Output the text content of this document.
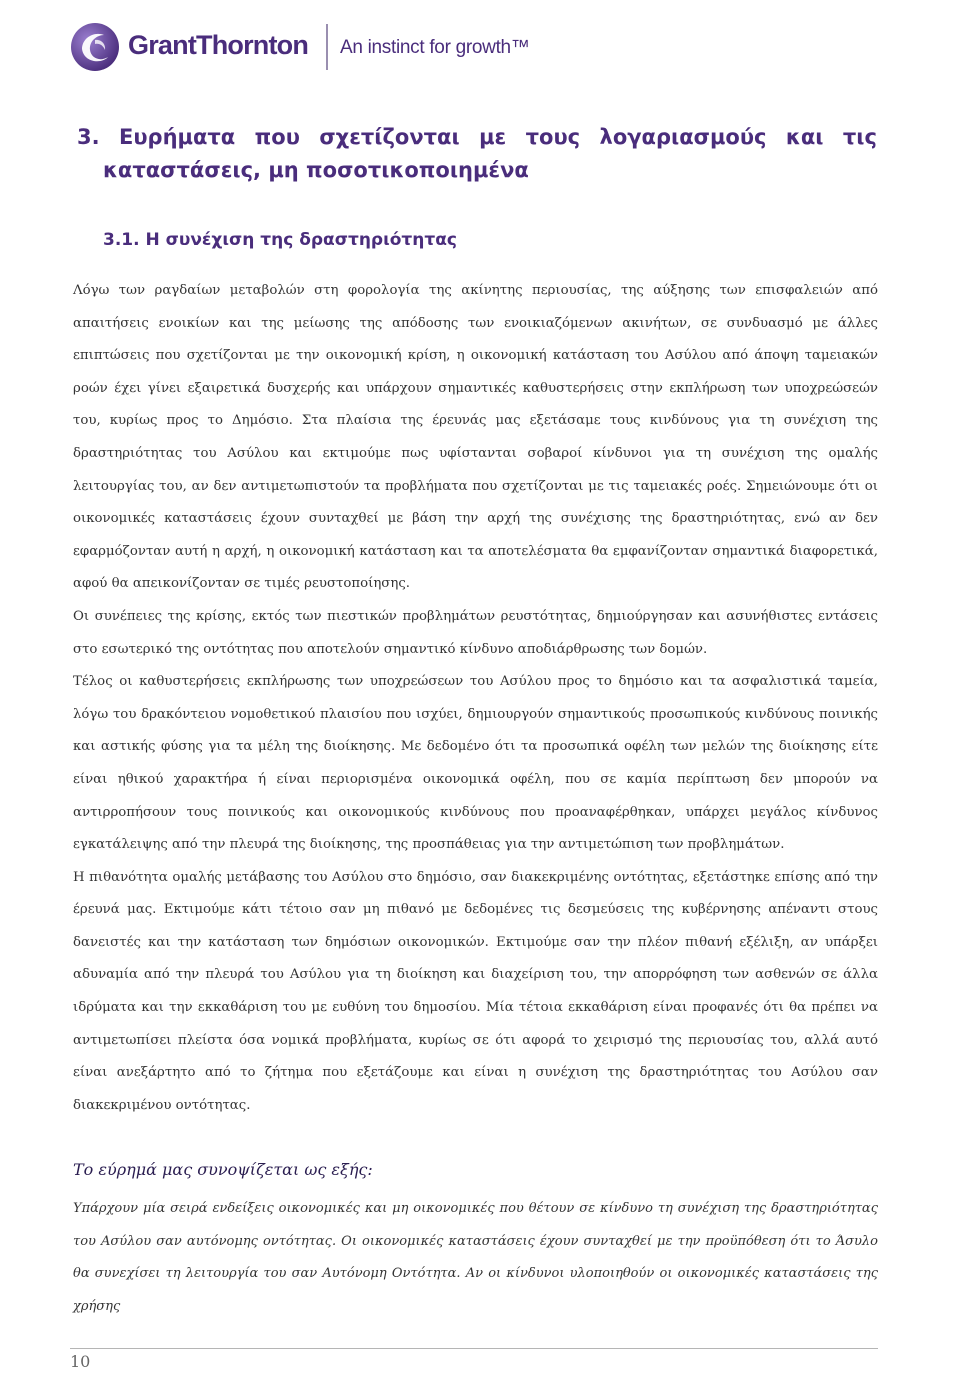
GrantThornton An instinct for growth™
3. Ευρήματα που σχετίζονται με τους λογαριασμούς και τις
καταστάσεις, μη ποσοτικοποιημένα
3.1. Η συνέχιση της δραστηριότητας

Λόγω των ραγδαίων μεταβολών στη φορολογία της ακίνητης περιουσίας, της αύξησης των επισφαλειών από απαιτήσεις ενοικίων και της μείωσης της απόδοσης των ενοικιαζόμενων ακινήτων, σε συνδυασμό με άλλες επιπτώσεις που σχετίζονται με την οικονομική κρίση, η οικονομική κατάσταση του Ασύλου από άποψη ταμειακών ροών έχει γίνει εξαιρετικά δυσχερής και υπάρχουν σημαντικές καθυστερήσεις στην εκπλήρωση των υποχρεώσεών του, κυρίως προς το Δημόσιο. Στα πλαίσια της έρευνάς μας εξετάσαμε τους κινδύνους για τη συνέχιση της δραστηριότητας του Ασύλου και εκτιμούμε πως υφίστανται σοβαροί κίνδυνοι για τη συνέχιση της ομαλής λειτουργίας του, αν δεν αντιμετωπιστούν τα προβλήματα που σχετίζονται με τις ταμειακές ροές. Σημειώνουμε ότι οι οικονομικές καταστάσεις έχουν συνταχθεί με βάση την αρχή της συνέχισης της δραστηριότητας, ενώ αν δεν εφαρμόζονταν αυτή η αρχή, η οικονομική κατάσταση και τα αποτελέσματα θα εμφανίζονταν σημαντικά διαφορετικά, αφού θα απεικονίζονταν σε τιμές ρευστοποίησης.

Οι συνέπειες της κρίσης, εκτός των πιεστικών προβλημάτων ρευστότητας, δημιούργησαν και ασυνήθιστες εντάσεις στο εσωτερικό της οντότητας που αποτελούν σημαντικό κίνδυνο αποδιάρθρωσης των δομών.

Τέλος οι καθυστερήσεις εκπλήρωσης των υποχρεώσεων του Ασύλου προς το δημόσιο και τα ασφαλιστικά ταμεία, λόγω του δρακόντειου νομοθετικού πλαισίου που ισχύει, δημιουργούν σημαντικούς προσωπικούς κινδύνους ποινικής και αστικής φύσης για τα μέλη της διοίκησης. Με δεδομένο ότι τα προσωπικά οφέλη των μελών της διοίκησης είτε είναι ηθικού χαρακτήρα ή είναι περιορισμένα οικονομικά οφέλη, που σε καμία περίπτωση δεν μπορούν να αντιρροπήσουν τους ποινικούς και οικονομικούς κινδύνους που προαναφέρθηκαν, υπάρχει μεγάλος κίνδυνος εγκατάλειψης από την πλευρά της διοίκησης, της προσπάθειας για την αντιμετώπιση των προβλημάτων.

Η πιθανότητα ομαλής μετάβασης του Ασύλου στο δημόσιο, σαν διακεκριμένης οντότητας, εξετάστηκε επίσης από την έρευνά μας. Εκτιμούμε κάτι τέτοιο σαν μη πιθανό με δεδομένες τις δεσμεύσεις της κυβέρνησης απέναντι στους δανειστές και την κατάσταση των δημόσιων οικονομικών. Εκτιμούμε σαν την πλέον πιθανή εξέλιξη, αν υπάρξει αδυναμία από την πλευρά του Ασύλου για τη διοίκηση και διαχείριση του, την απορρόφηση των ασθενών σε άλλα ιδρύματα και την εκκαθάριση του με ευθύνη του δημοσίου. Μία τέτοια εκκαθάριση είναι προφανές ότι θα πρέπει να αντιμετωπίσει πλείστα όσα νομικά προβλήματα, κυρίως σε ότι αφορά το χειρισμό της περιουσίας του, αλλά αυτό είναι ανεξάρτητο από το ζήτημα που εξετάζουμε και είναι η συνέχιση της δραστηριότητας του Ασύλου σαν διακεκριμένου οντότητας.

Το εύρημά μας συνοψίζεται ως εξής:
Υπάρχουν μία σειρά ενδείξεις οικονομικές και μη οικονομικές που θέτουν σε κίνδυνο τη συνέχιση της δραστηριότητας του Ασύλου σαν αυτόνομης οντότητας. Οι οικονομικές καταστάσεις έχουν συνταχθεί με την προϋπόθεση ότι το Άσυλο θα συνεχίσει τη λειτουργία του σαν Αυτόνομη Οντότητα. Αν οι κίνδυνοι υλοποιηθούν οι οικονομικές καταστάσεις της χρήσης
10
